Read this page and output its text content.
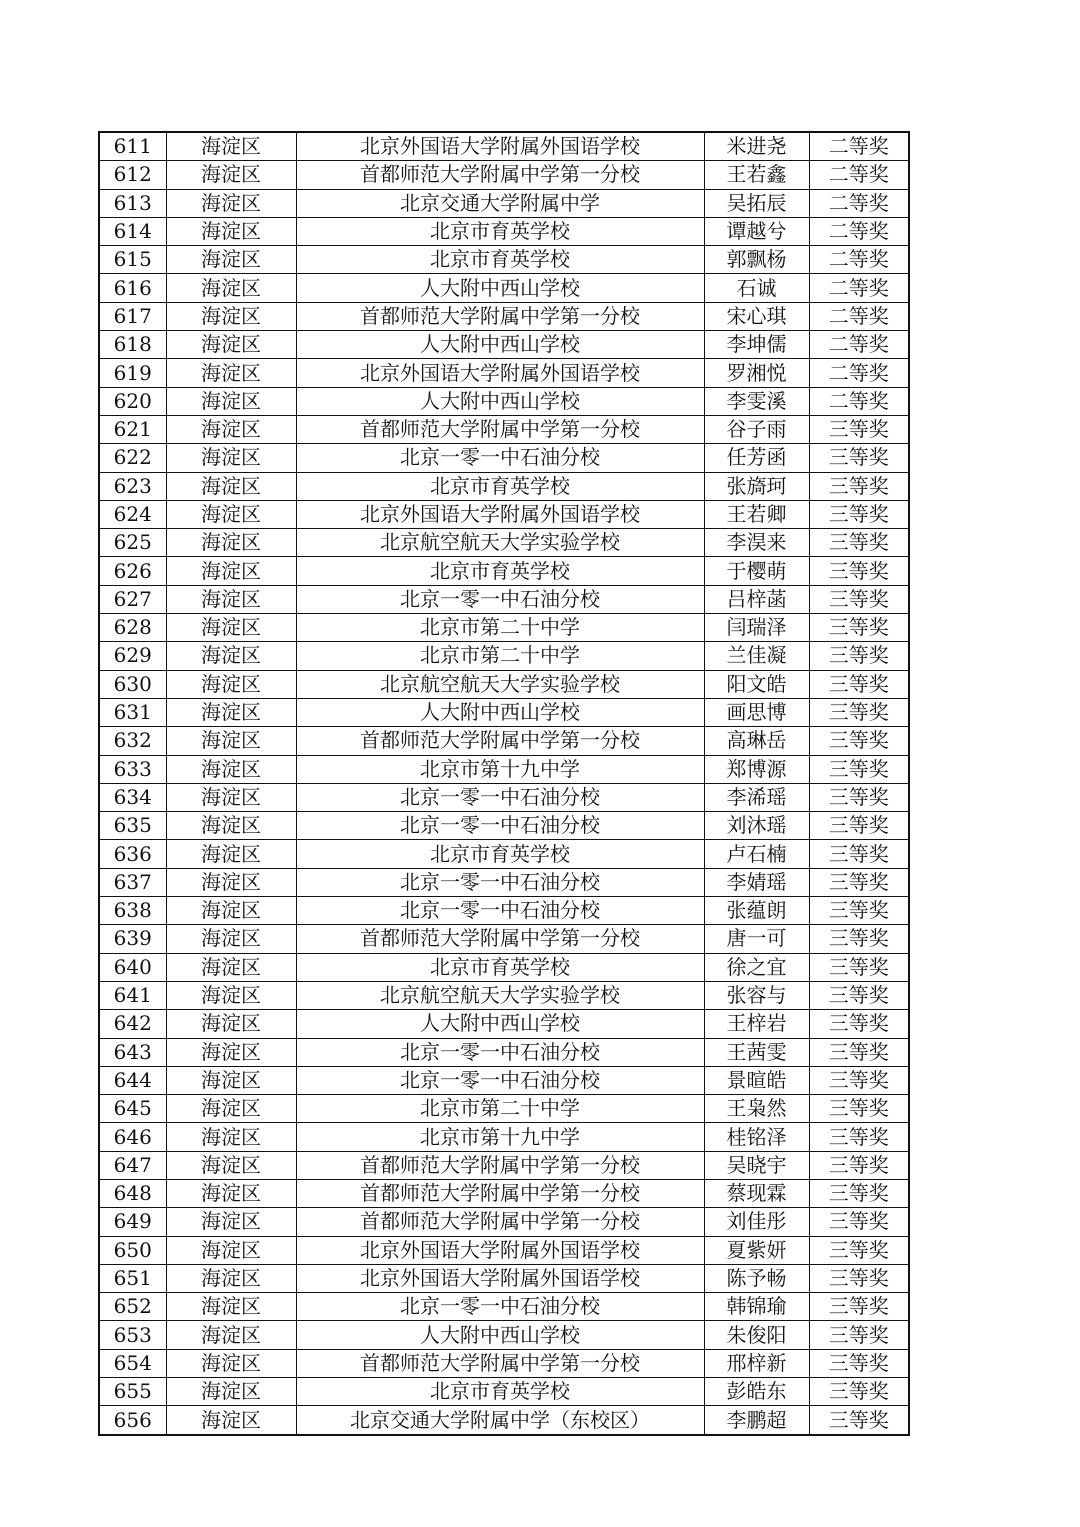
611	海淀区	北京外国语大学附属外国语学校	米进尧	二等奖
612	海淀区	首都师范大学附属中学第一分校	王若鑫	二等奖
613	海淀区	北京交通大学附属中学	吴拓辰	二等奖
614	海淀区	北京市育英学校	谭越兮	二等奖
615	海淀区	北京市育英学校	郭飘杨	二等奖
616	海淀区	人大附中西山学校	石诚	二等奖
617	海淀区	首都师范大学附属中学第一分校	宋心琪	二等奖
618	海淀区	人大附中西山学校	李坤儒	二等奖
619	海淀区	北京外国语大学附属外国语学校	罗湘悦	二等奖
620	海淀区	人大附中西山学校	李雯溪	二等奖
621	海淀区	首都师范大学附属中学第一分校	谷子雨	三等奖
622	海淀区	北京一零一中石油分校	任芳函	三等奖
623	海淀区	北京市育英学校	张旖珂	三等奖
624	海淀区	北京外国语大学附属外国语学校	王若卿	三等奖
625	海淀区	北京航空航天大学实验学校	李淏来	三等奖
626	海淀区	北京市育英学校	于樱萌	三等奖
627	海淀区	北京一零一中石油分校	吕梓菡	三等奖
628	海淀区	北京市第二十中学	闫瑞泽	三等奖
629	海淀区	北京市第二十中学	兰佳凝	三等奖
630	海淀区	北京航空航天大学实验学校	阳文皓	三等奖
631	海淀区	人大附中西山学校	画思博	三等奖
632	海淀区	首都师范大学附属中学第一分校	高琳岳	三等奖
633	海淀区	北京市第十九中学	郑博源	三等奖
634	海淀区	北京一零一中石油分校	李浠瑶	三等奖
635	海淀区	北京一零一中石油分校	刘沐瑶	三等奖
636	海淀区	北京市育英学校	卢石楠	三等奖
637	海淀区	北京一零一中石油分校	李婧瑶	三等奖
638	海淀区	北京一零一中石油分校	张蕴朗	三等奖
639	海淀区	首都师范大学附属中学第一分校	唐一可	三等奖
640	海淀区	北京市育英学校	徐之宜	三等奖
641	海淀区	北京航空航天大学实验学校	张容与	三等奖
642	海淀区	人大附中西山学校	王梓岩	三等奖
643	海淀区	北京一零一中石油分校	王茜雯	三等奖
644	海淀区	北京一零一中石油分校	景暄皓	三等奖
645	海淀区	北京市第二十中学	王枭然	三等奖
646	海淀区	北京市第十九中学	桂铭泽	三等奖
647	海淀区	首都师范大学附属中学第一分校	吴晓宇	三等奖
648	海淀区	首都师范大学附属中学第一分校	蔡现霖	三等奖
649	海淀区	首都师范大学附属中学第一分校	刘佳彤	三等奖
650	海淀区	北京外国语大学附属外国语学校	夏紫妍	三等奖
651	海淀区	北京外国语大学附属外国语学校	陈予畅	三等奖
652	海淀区	北京一零一中石油分校	韩锦瑜	三等奖
653	海淀区	人大附中西山学校	朱俊阳	三等奖
654	海淀区	首都师范大学附属中学第一分校	邢梓新	三等奖
655	海淀区	北京市育英学校	彭皓东	三等奖
656	海淀区	北京交通大学附属中学（东校区）	李鹏超	三等奖
